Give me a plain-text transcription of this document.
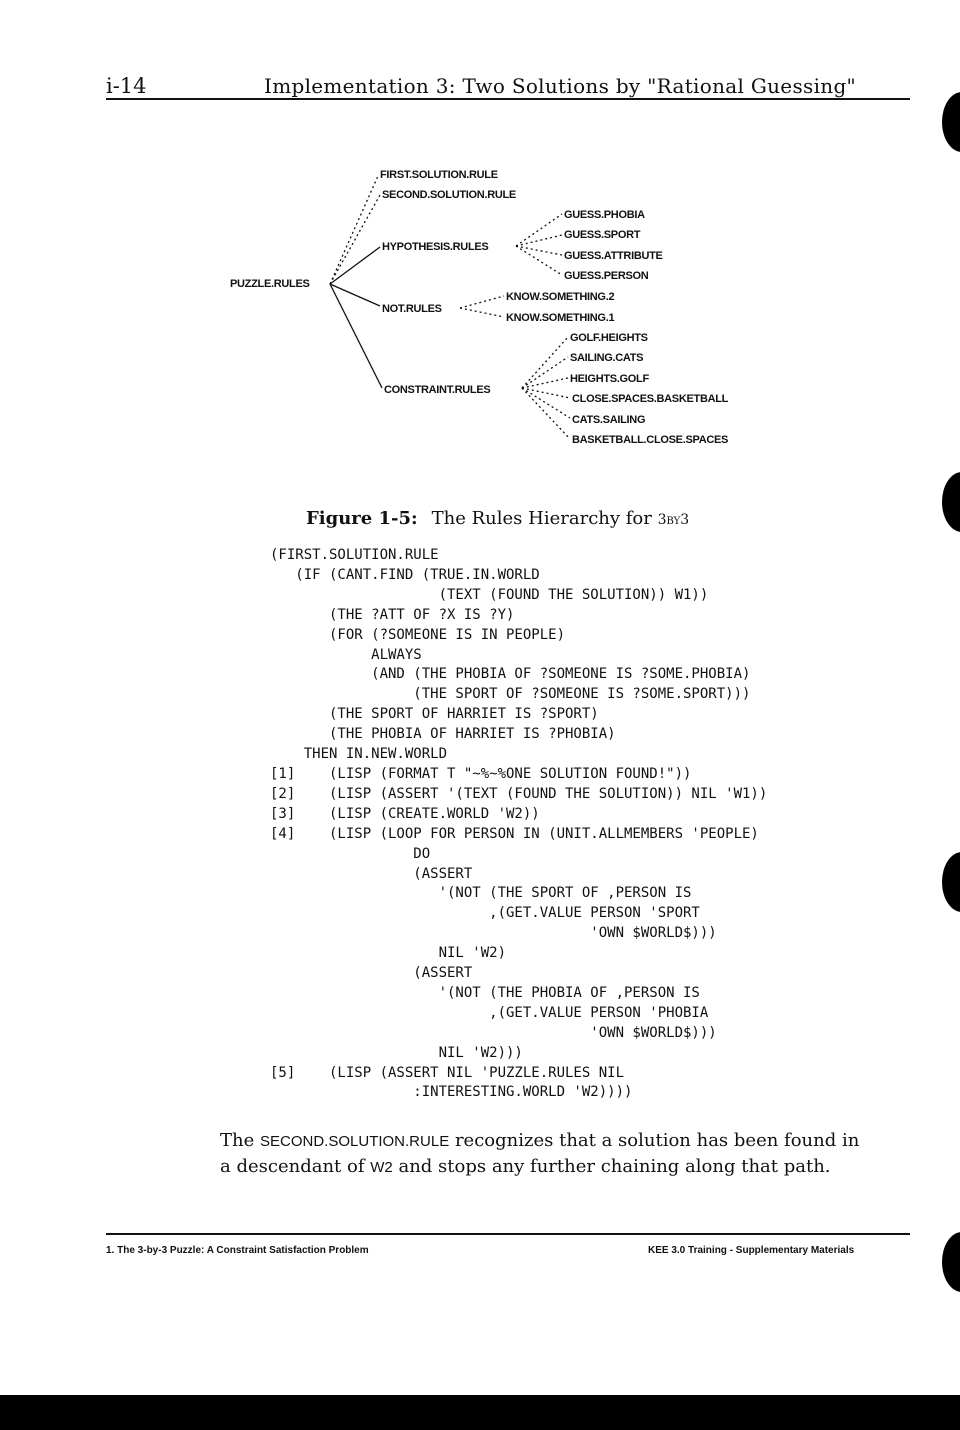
i-14	Implementation 3: Two Solutions by "Rational Guessing"
PUZZLE.RULES
FIRST.SOLUTION.RULE
SECOND.SOLUTION.RULE
HYPOTHESIS.RULES
NOT.RULES
CONSTRAINT.RULES
GUESS.PHOBIA
GUESS.SPORT
GUESS.ATTRIBUTE
GUESS.PERSON
KNOW.SOMETHING.2
KNOW.SOMETHING.1
GOLF.HEIGHTS
SAILING.CATS
HEIGHTS.GOLF
CLOSE.SPACES.BASKETBALL
CATS.SAILING
BASKETBALL.CLOSE.SPACES
Figure 1-5: The Rules Hierarchy for 3by3
(FIRST.SOLUTION.RULE
(IF (CANT.FIND (TRUE.IN.WORLD
(TEXT (FOUND THE SOLUTION)) W1))
(THE ?ATT OF ?X IS ?Y)
(FOR (?SOMEONE IS IN PEOPLE)
ALWAYS
(AND (THE PHOBIA OF ?SOMEONE IS ?SOME.PHOBIA)
(THE SPORT OF ?SOMEONE IS ?SOME.SPORT)))
(THE SPORT OF HARRIET IS ?SPORT)
(THE PHOBIA OF HARRIET IS ?PHOBIA)
THEN IN.NEW.WORLD
[1]    (LISP (FORMAT T "~%~%ONE SOLUTION FOUND!"))
[2]    (LISP (ASSERT '(TEXT (FOUND THE SOLUTION)) NIL 'W1))
[3]    (LISP (CREATE.WORLD 'W2))
[4]    (LISP (LOOP FOR PERSON IN (UNIT.ALLMEMBERS 'PEOPLE)
DO
(ASSERT
'(NOT (THE SPORT OF ,PERSON IS
,(GET.VALUE PERSON 'SPORT
'OWN $WORLD$)))
NIL 'W2)
(ASSERT
'(NOT (THE PHOBIA OF ,PERSON IS
,(GET.VALUE PERSON 'PHOBIA
'OWN $WORLD$)))
NIL 'W2)))
[5]    (LISP (ASSERT NIL 'PUZZLE.RULES NIL
:INTERESTING.WORLD 'W2))))

The SECOND.SOLUTION.RULE recognizes that a solution has been found in a descendant of W2 and stops any further chaining along that path.

1. The 3-by-3 Puzzle: A Constraint Satisfaction Problem	KEE 3.0 Training - Supplementary Materials
